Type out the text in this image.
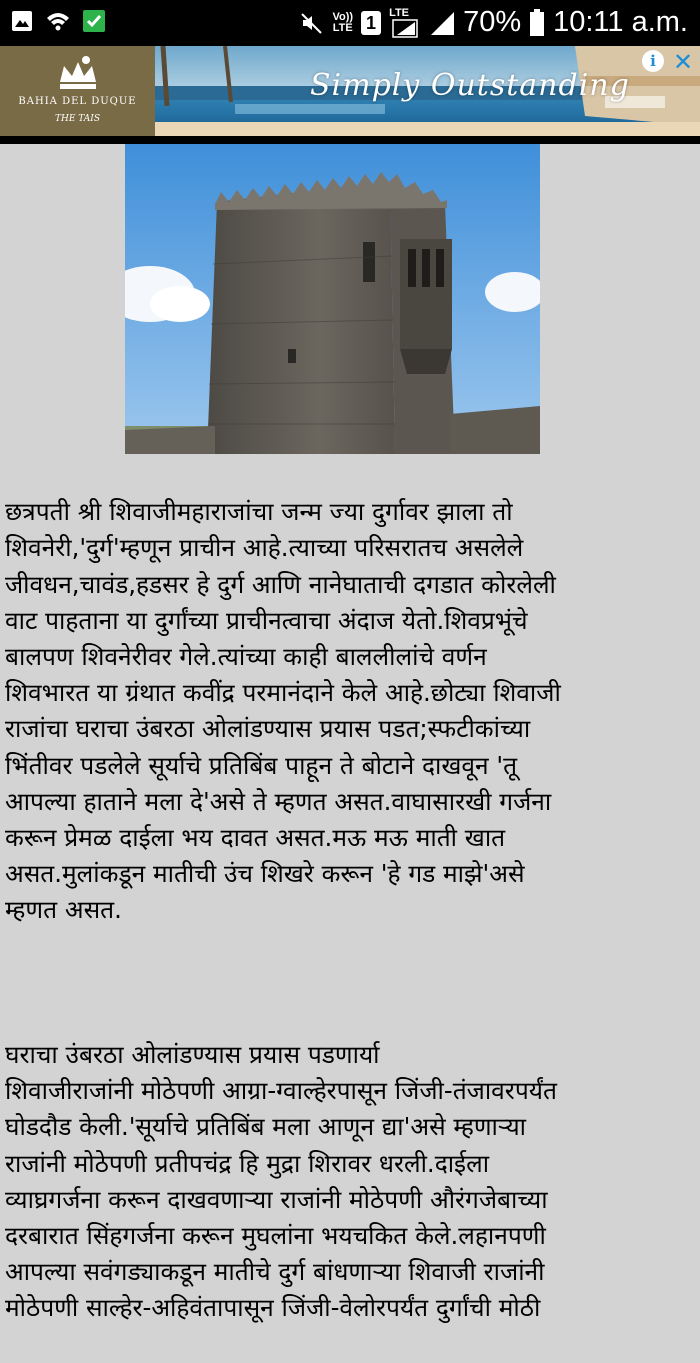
Vo))
LTE 1	LTE 70% 10:11 a.m.
BAHIA DEL DUQUE
THE TAIS
Simply Outstanding
i ✕

छत्रपती श्री शिवाजीमहाराजांचा जन्म ज्या दुर्गावर झाला तो
शिवनेरी,'दुर्ग'म्हणून प्राचीन आहे.त्याच्या परिसरातच असलेले
जीवधन,चावंड,हडसर हे दुर्ग आणि नानेघाताची दगडात कोरलेली
वाट पाहताना या दुर्गांच्या प्राचीनत्वाचा अंदाज येतो.शिवप्रभूंचे
बालपण शिवनेरीवर गेले.त्यांच्या काही बाललीलांचे वर्णन
शिवभारत या ग्रंथात कवींद्र परमानंदाने केले आहे.छोट्या शिवाजी
राजांचा घराचा उंबरठा ओलांडण्यास प्रयास पडत;स्फटीकांच्या
भिंतीवर पडलेले सूर्याचे प्रतिबिंब पाहून ते बोटाने दाखवून 'तू
आपल्या हाताने मला दे'असे ते म्हणत असत.वाघासारखी गर्जना
करून प्रेमळ दाईला भय दावत असत.मऊ मऊ माती खात
असत.मुलांकडून मातीची उंच शिखरे करून 'हे गड माझे'असे
म्हणत असत.

घराचा उंबरठा ओलांडण्यास प्रयास पडणार्या
शिवाजीराजांनी मोठेपणी आग्रा-ग्वाल्हेरपासून जिंजी-तंजावरपर्यंत
घोडदौड केली.'सूर्याचे प्रतिबिंब मला आणून द्या'असे म्हणाऱ्या
राजांनी मोठेपणी प्रतीपचंद्र हि मुद्रा शिरावर धरली.दाईला
व्याघ्रगर्जना करून दाखवणाऱ्या राजांनी मोठेपणी औरंगजेबाच्या
दरबारात सिंहगर्जना करून मुघलांना भयचकित केले.लहानपणी
आपल्या सवंगड्याकडून मातीचे दुर्ग बांधणाऱ्या शिवाजी राजांनी
मोठेपणी साल्हेर-अहिवंतापासून जिंजी-वेलोरपर्यंत दुर्गांची मोठी
